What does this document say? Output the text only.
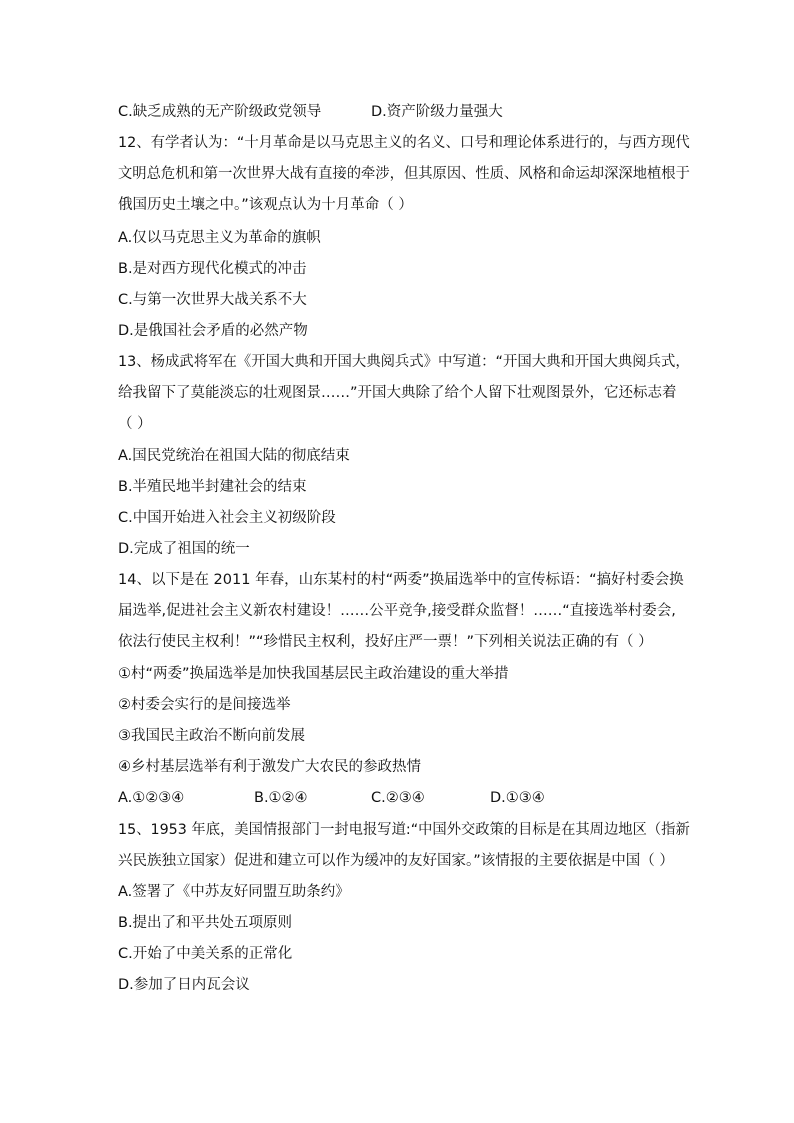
C.缺乏成熟的无产阶级政党领导	D.资产阶级力量强大
12、有学者认为：“十月革命是以马克思主义的名义、口号和理论体系进行的，与西方现代
文明总危机和第一次世界大战有直接的牵涉，但其原因、性质、风格和命运却深深地植根于
俄国历史土壤之中。”该观点认为十月革命（ ）
A.仅以马克思主义为革命的旗帜
B.是对西方现代化模式的冲击
C.与第一次世界大战关系不大
D.是俄国社会矛盾的必然产物
13、杨成武将军在《开国大典和开国大典阅兵式》中写道：“开国大典和开国大典阅兵式，
给我留下了莫能淡忘的壮观图景……”开国大典除了给个人留下壮观图景外，它还标志着
（ ）
A.国民党统治在祖国大陆的彻底结束
B.半殖民地半封建社会的结束
C.中国开始进入社会主义初级阶段
D.完成了祖国的统一
14、以下是在 2011 年春，山东某村的村“两委”换届选举中的宣传标语：“搞好村委会换
届选举,促进社会主义新农村建设！……公平竞争,接受群众监督！……“直接选举村委会,
依法行使民主权利！”“珍惜民主权利，投好庄严一票！”下列相关说法正确的有（ ）
①村“两委”换届选举是加快我国基层民主政治建设的重大举措
②村委会实行的是间接选举
③我国民主政治不断向前发展
④乡村基层选举有利于激发广大农民的参政热情
A.①②③④	B.①②④	C.②③④	D.①③④
15、1953 年底，美国情报部门一封电报写道:“中国外交政策的目标是在其周边地区（指新
兴民族独立国家）促进和建立可以作为缓冲的友好国家。”该情报的主要依据是中国（ ）
A.签署了《中苏友好同盟互助条约》
B.提出了和平共处五项原则
C.开始了中美关系的正常化
D.参加了日内瓦会议
